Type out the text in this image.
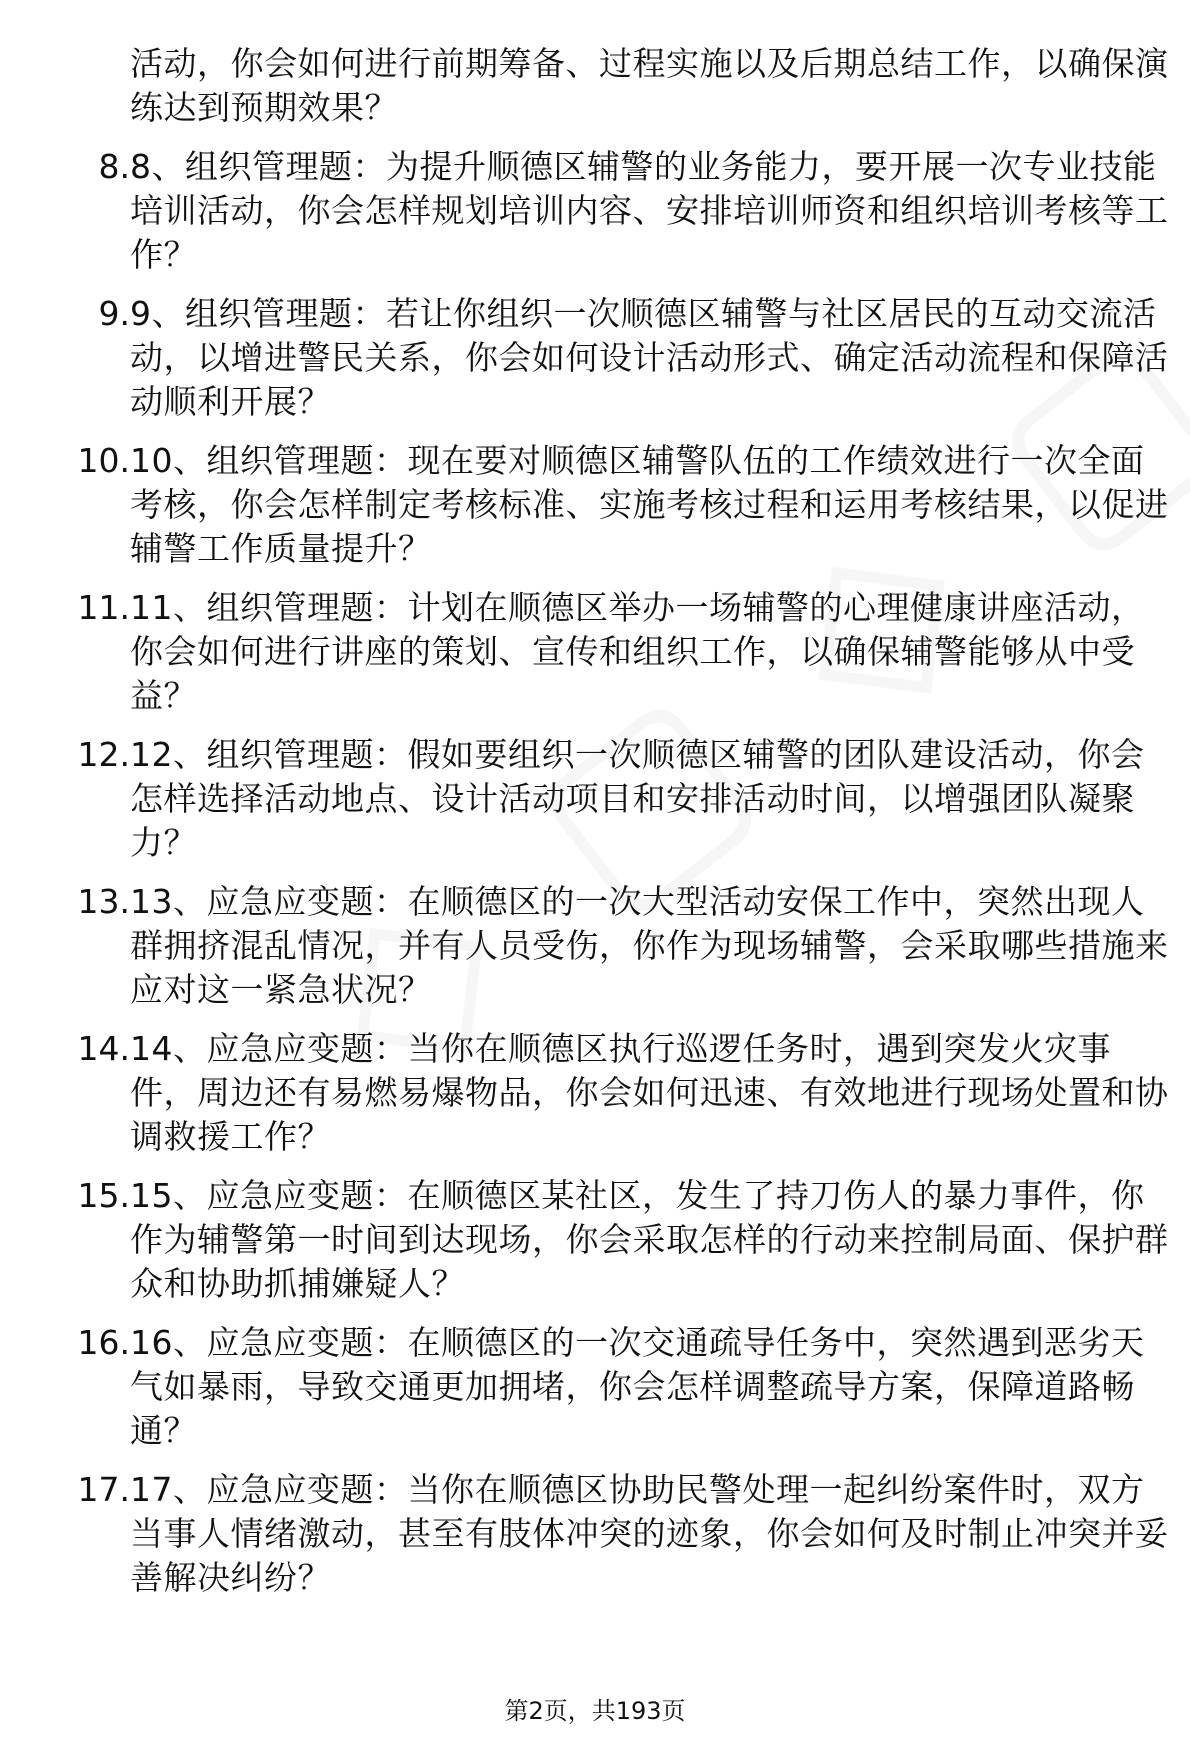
活动，你会如何进行前期筹备、过程实施以及后期总结工作，以确保演练达到预期效果？
8. 8、组织管理题：为提升顺德区辅警的业务能力，要开展一次专业技能培训活动，你会怎样规划培训内容、安排培训师资和组织培训考核等工作？
9. 9、组织管理题：若让你组织一次顺德区辅警与社区居民的互动交流活动，以增进警民关系，你会如何设计活动形式、确定活动流程和保障活动顺利开展？
10. 10、组织管理题：现在要对顺德区辅警队伍的工作绩效进行一次全面考核，你会怎样制定考核标准、实施考核过程和运用考核结果，以促进辅警工作质量提升？
11. 11、组织管理题：计划在顺德区举办一场辅警的心理健康讲座活动，你会如何进行讲座的策划、宣传和组织工作，以确保辅警能够从中受益？
12. 12、组织管理题：假如要组织一次顺德区辅警的团队建设活动，你会怎样选择活动地点、设计活动项目和安排活动时间，以增强团队凝聚力？
13. 13、应急应变题：在顺德区的一次大型活动安保工作中，突然出现人群拥挤混乱情况，并有人员受伤，你作为现场辅警，会采取哪些措施来应对这一紧急状况？
14. 14、应急应变题：当你在顺德区执行巡逻任务时，遇到突发火灾事件，周边还有易燃易爆物品，你会如何迅速、有效地进行现场处置和协调救援工作？
15. 15、应急应变题：在顺德区某社区，发生了持刀伤人的暴力事件，你作为辅警第一时间到达现场，你会采取怎样的行动来控制局面、保护群众和协助抓捕嫌疑人？
16. 16、应急应变题：在顺德区的一次交通疏导任务中，突然遇到恶劣天气如暴雨，导致交通更加拥堵，你会怎样调整疏导方案，保障道路畅通？
17. 17、应急应变题：当你在顺德区协助民警处理一起纠纷案件时，双方当事人情绪激动，甚至有肢体冲突的迹象，你会如何及时制止冲突并妥善解决纠纷？
第2页，共193页
